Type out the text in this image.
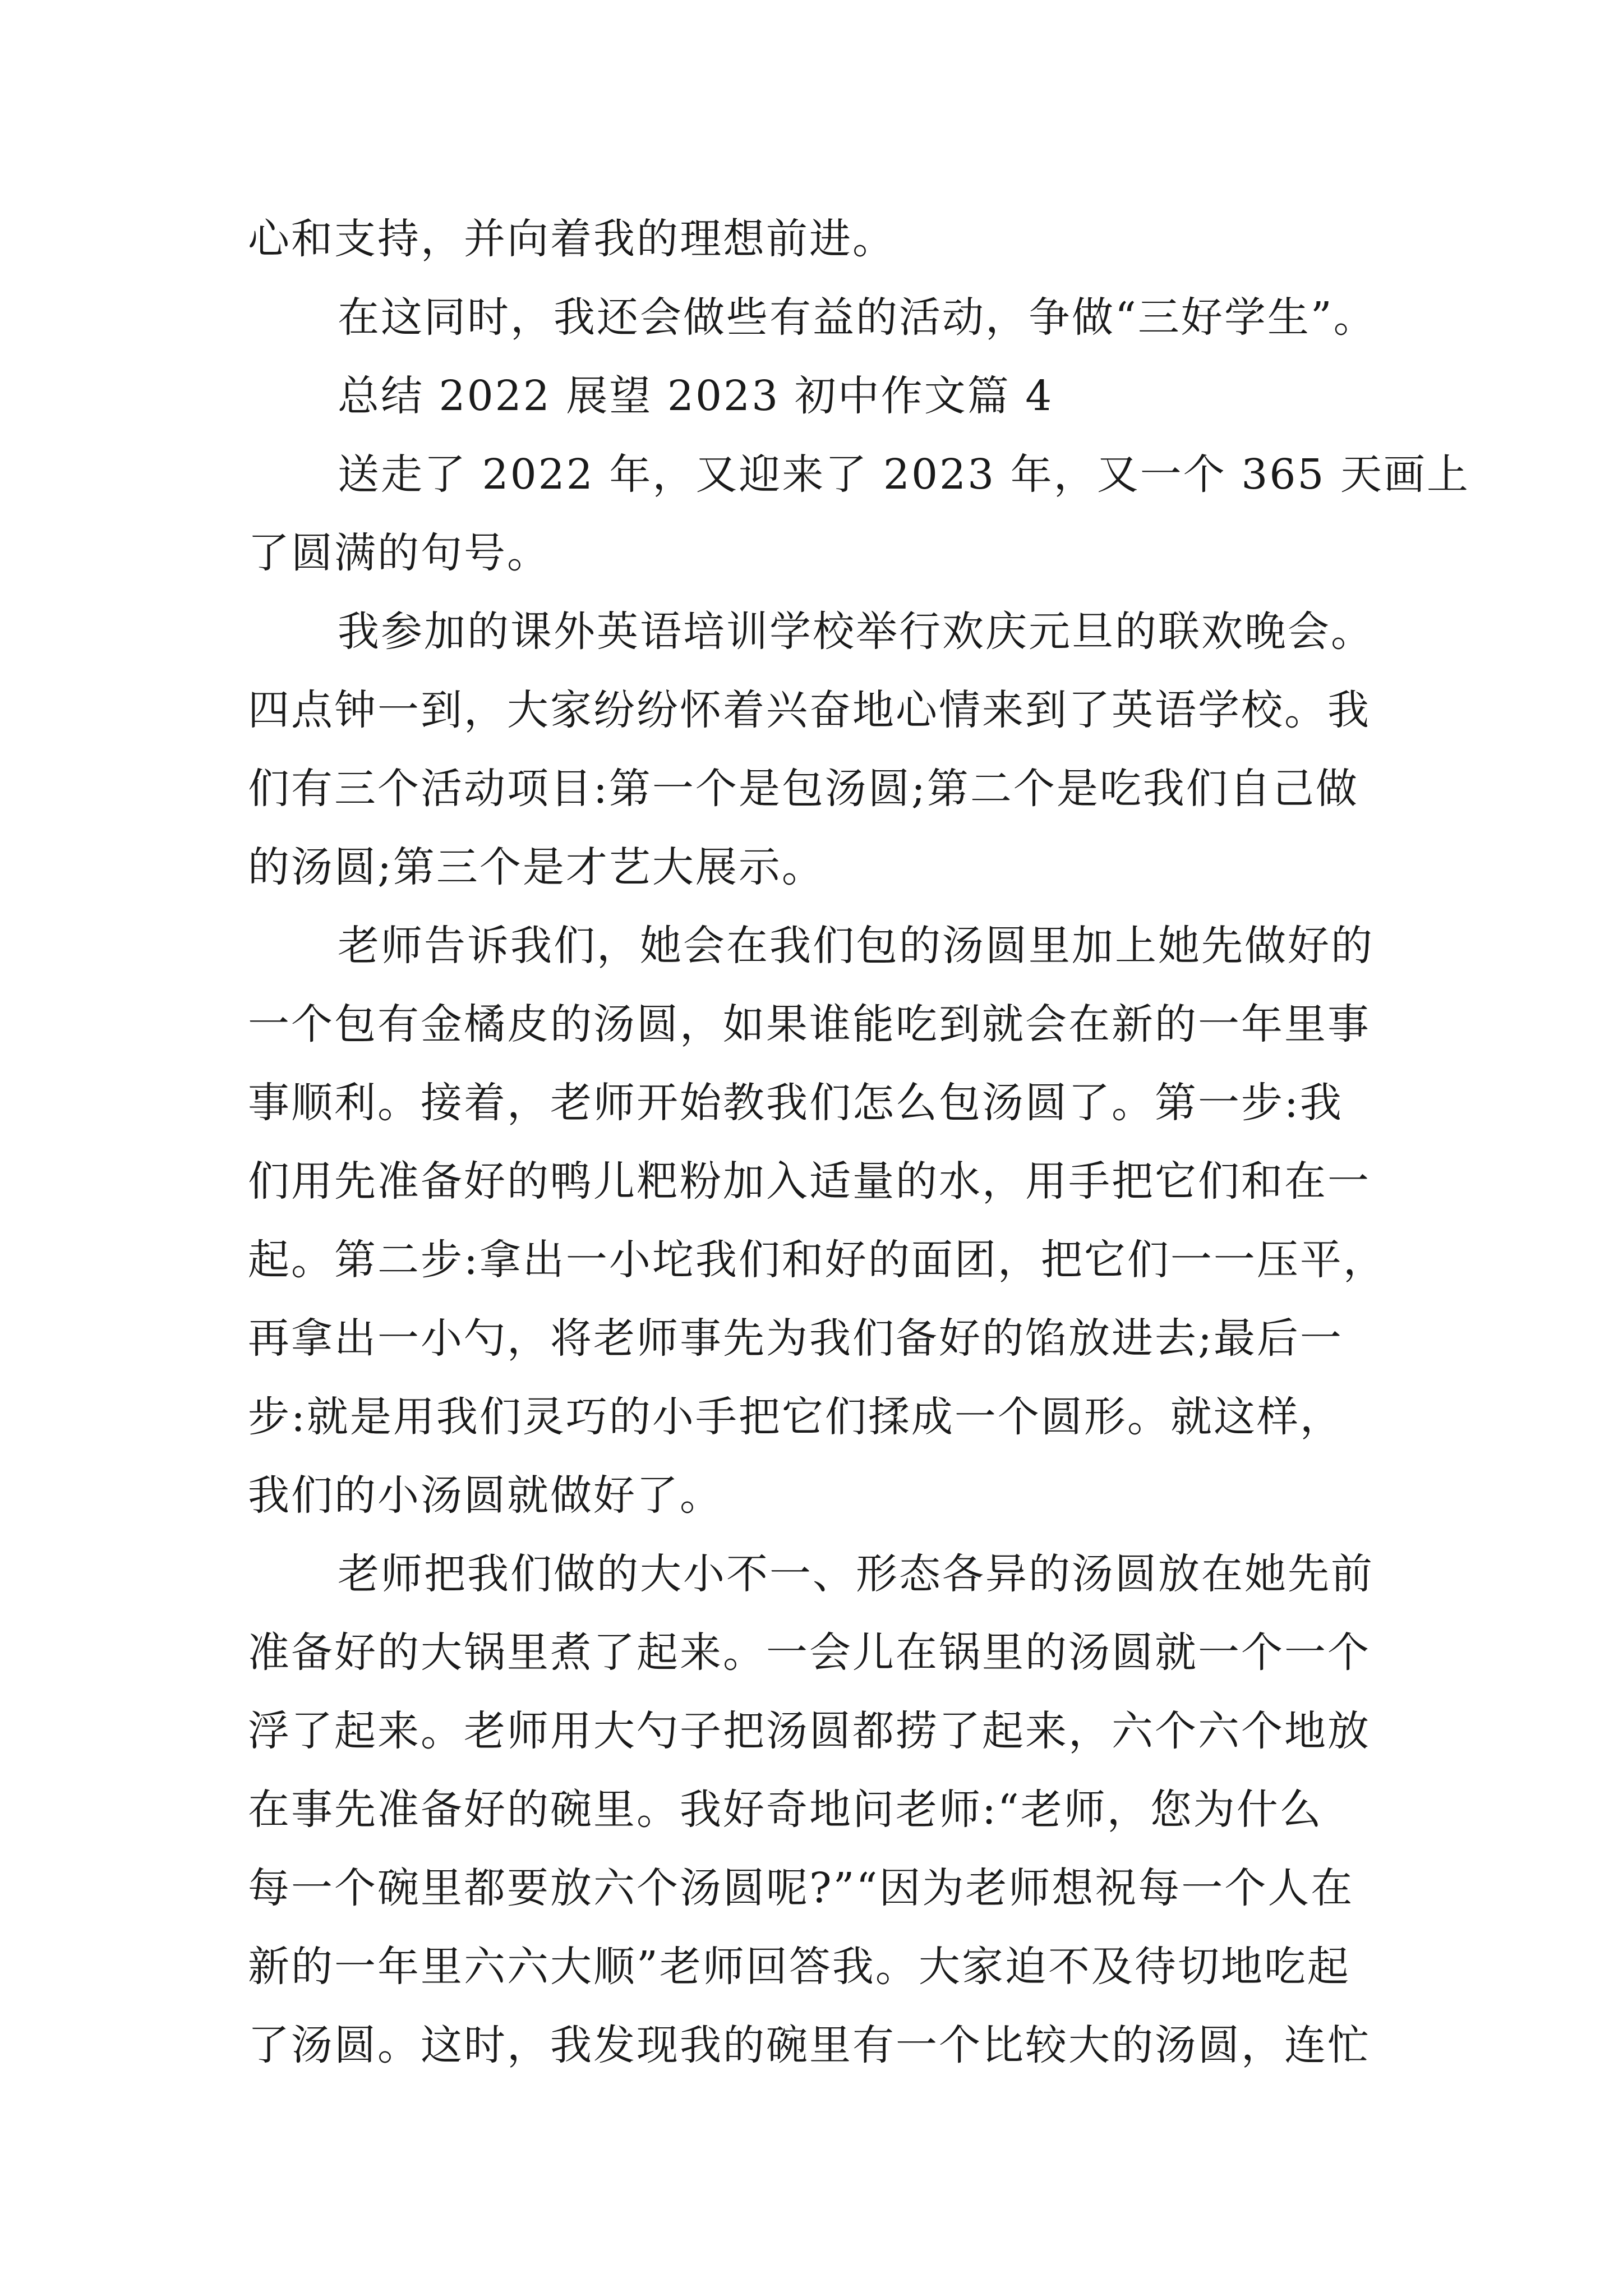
心和支持，并向着我的理想前进。
在这同时，我还会做些有益的活动，争做“三好学生”。
总结 2022 展望 2023 初中作文篇 4
送走了 2022 年，又迎来了 2023 年，又一个 365 天画上
了圆满的句号。
我参加的课外英语培训学校举行欢庆元旦的联欢晚会。
四点钟一到，大家纷纷怀着兴奋地心情来到了英语学校。我
们有三个活动项目:第一个是包汤圆;第二个是吃我们自己做
的汤圆;第三个是才艺大展示。
老师告诉我们，她会在我们包的汤圆里加上她先做好的
一个包有金橘皮的汤圆，如果谁能吃到就会在新的一年里事
事顺利。接着，老师开始教我们怎么包汤圆了。第一步:我
们用先准备好的鸭儿粑粉加入适量的水，用手把它们和在一
起。第二步:拿出一小坨我们和好的面团，把它们一一压平，
再拿出一小勺，将老师事先为我们备好的馅放进去;最后一
步:就是用我们灵巧的小手把它们揉成一个圆形。就这样，
我们的小汤圆就做好了。
老师把我们做的大小不一、形态各异的汤圆放在她先前
准备好的大锅里煮了起来。一会儿在锅里的汤圆就一个一个
浮了起来。老师用大勺子把汤圆都捞了起来，六个六个地放
在事先准备好的碗里。我好奇地问老师:“老师，您为什么
每一个碗里都要放六个汤圆呢?”“因为老师想祝每一个人在
新的一年里六六大顺”老师回答我。大家迫不及待切地吃起
了汤圆。这时，我发现我的碗里有一个比较大的汤圆，连忙
